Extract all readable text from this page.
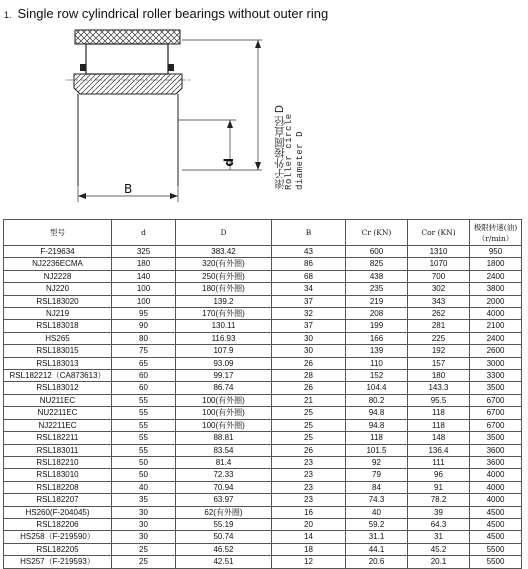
1. Single row cylindrical roller bearings without outer ring
滚子外接圆直径 D
Roller circle diameter D
d
B
型号	d	D	B	Cr (KN)	Cor (KN)	极限转速(油)（r/min）
F-219634	325	383.42	43	600	1310	950
NJ2236ECMA	180	320(有外圈)	86	825	1070	1800
NJ2228	140	250(有外圈)	68	438	700	2400
NJ220	100	180(有外圈)	34	235	302	3800
RSL183020	100	139.2	37	219	343	2000
NJ219	95	170(有外圈)	32	208	262	4000
RSL183018	90	130.11	37	199	281	2100
HS265	80	116.93	30	166	225	2400
RSL183015	75	107.9	30	139	192	2600
RSL183013	65	93.09	26	110	157	3000
RSL182212（CA873613）	60	99.17	28	152	180	3300
RSL183012	60	86.74	26	104.4	143.3	3500
NU211EC	55	100(有外圈)	21	80.2	95.5	6700
NU2211EC	55	100(有外圈)	25	94.8	118	6700
NJ2211EC	55	100(有外圈)	25	94.8	118	6700
RSL182211	55	88.81	25	118	148	3500
RSL183011	55	83.54	26	101.5	136.4	3600
RSL182210	50	81.4	23	92	111	3600
RSL183010	50	72.33	23	79	96	4000
RSL182208	40	70.94	23	84	91	4000
RSL182207	35	63.97	23	74.3	78.2	4000
HS260(F-204045)	30	62(有外圈)	16	40	39	4500
RSL182206	30	55.19	20	59.2	64.3	4500
HS258（F-219590）	30	50.74	14	31.1	31	4500
RSL182205	25	46.52	18	44.1	45.2	5500
HS257（F-219593）	25	42.51	12	20.6	20.1	5500
